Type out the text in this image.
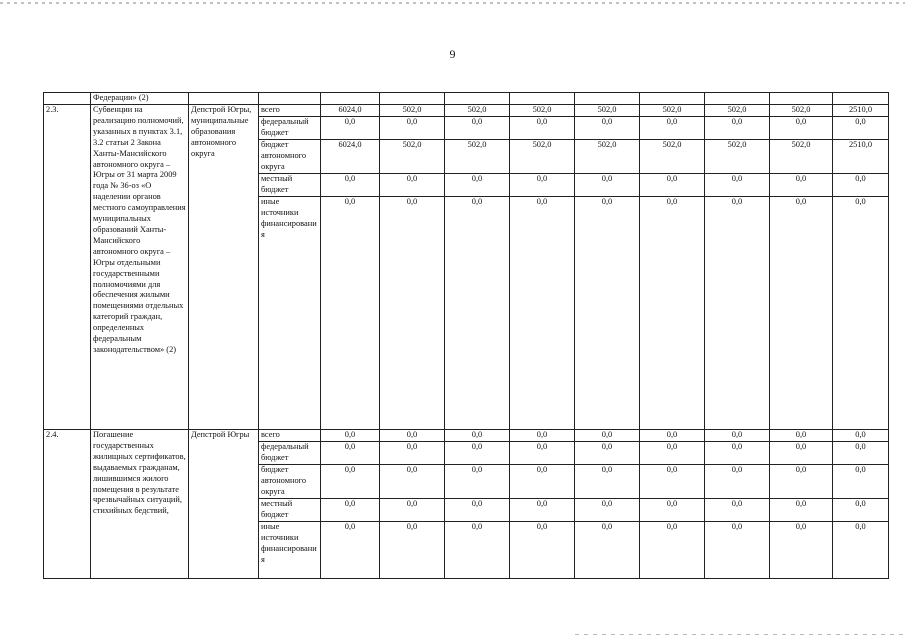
9
	Федерации» (2)											
2.3.	Субвенции на реализацию полномочий, указанных в пунктах 3.1, 3.2 статьи 2 Закона Ханты-Мансийского автономного округа – Югры от 31 марта 2009 года № 36-оз «О наделении органов местного самоуправления муниципальных образований Ханты-Мансийского автономного округа – Югры отдельными государственными полномочиями для обеспечения жилыми помещениями отдельных категорий граждан, определенных федеральным законодательством» (2)	Депстрой Югры, муниципальные образования автономного округа	всего	6024,0	502,0	502,0	502,0	502,0	502,0	502,0	502,0	2510,0
			федеральный бюджет	0,0	0,0	0,0	0,0	0,0	0,0	0,0	0,0	0,0
			бюджет автономного округа	6024,0	502,0	502,0	502,0	502,0	502,0	502,0	502,0	2510,0
			местный бюджет	0,0	0,0	0,0	0,0	0,0	0,0	0,0	0,0	0,0
			иные источники финансирования	0,0	0,0	0,0	0,0	0,0	0,0	0,0	0,0	0,0
2.4.	Погашение государственных жилищных сертификатов, выдаваемых гражданам, лишившимся жилого помещения в результате чрезвычайных ситуаций, стихийных бедствий,	Депстрой Югры	всего	0,0	0,0	0,0	0,0	0,0	0,0	0,0	0,0	0,0
			федеральный бюджет	0,0	0,0	0,0	0,0	0,0	0,0	0,0	0,0	0,0
			бюджет автономного округа	0,0	0,0	0,0	0,0	0,0	0,0	0,0	0,0	0,0
			местный бюджет	0,0	0,0	0,0	0,0	0,0	0,0	0,0	0,0	0,0
			иные источники финансирования	0,0	0,0	0,0	0,0	0,0	0,0	0,0	0,0	0,0
